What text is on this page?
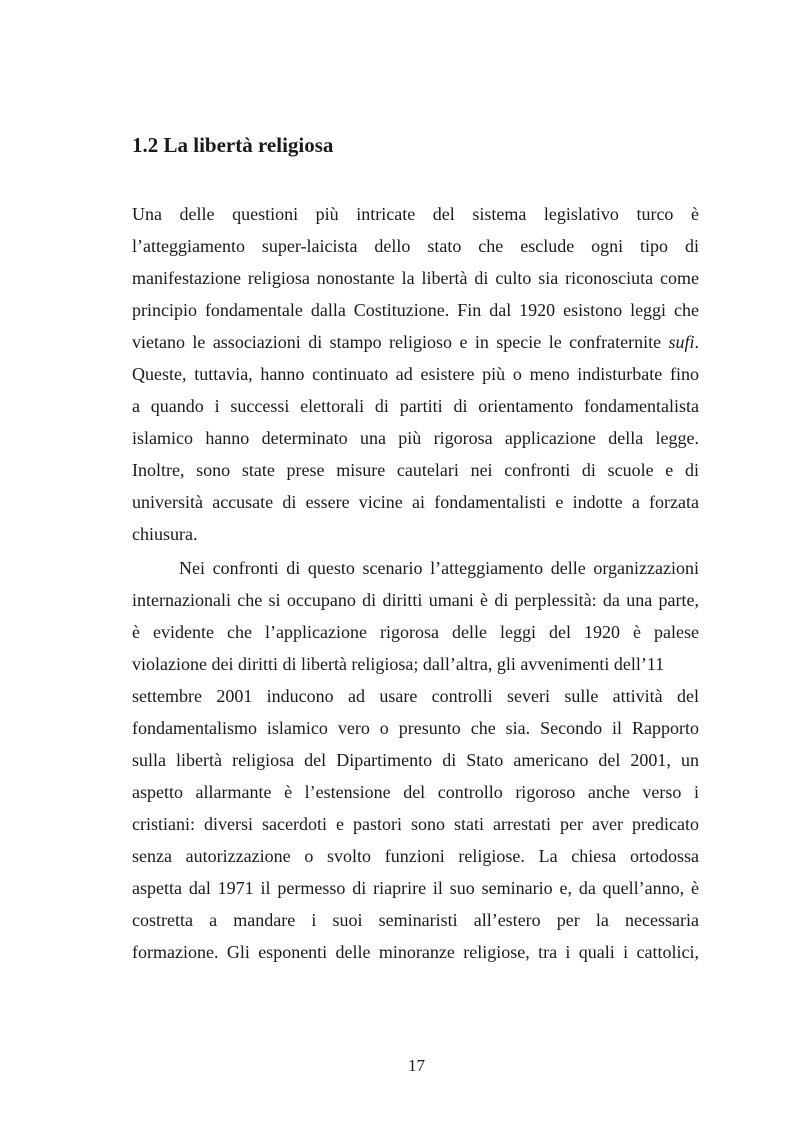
1.2 La libertà religiosa

Una delle questioni più intricate del sistema legislativo turco è

l’atteggiamento super-laicista dello stato che esclude ogni tipo di

manifestazione religiosa nonostante la libertà di culto sia riconosciuta come

principio fondamentale dalla Costituzione. Fin dal 1920 esistono leggi che

vietano le associazioni di stampo religioso e in specie le confraternite sufi.

Queste, tuttavia, hanno continuato ad esistere più o meno indisturbate fino

a quando i successi elettorali di partiti di orientamento fondamentalista

islamico hanno determinato una più rigorosa applicazione della legge.

Inoltre, sono state prese misure cautelari nei confronti di scuole e di

università accusate di essere vicine ai fondamentalisti e indotte a forzata

chiusura.

Nei confronti di questo scenario l’atteggiamento delle organizzazioni

internazionali che si occupano di diritti umani è di perplessità: da una parte,

è evidente che l’applicazione rigorosa delle leggi del 1920 è palese

violazione dei diritti di libertà religiosa; dall’altra, gli avvenimenti dell’11

settembre 2001 inducono ad usare controlli severi sulle attività del

fondamentalismo islamico vero o presunto che sia. Secondo il Rapporto

sulla libertà religiosa del Dipartimento di Stato americano del 2001, un

aspetto allarmante è l’estensione del controllo rigoroso anche verso i

cristiani: diversi sacerdoti e pastori sono stati arrestati per aver predicato

senza autorizzazione o svolto funzioni religiose. La chiesa ortodossa

aspetta dal 1971 il permesso di riaprire il suo seminario e, da quell’anno, è

costretta a mandare i suoi seminaristi all’estero per la necessaria

formazione. Gli esponenti delle minoranze religiose, tra i quali i cattolici,

17
